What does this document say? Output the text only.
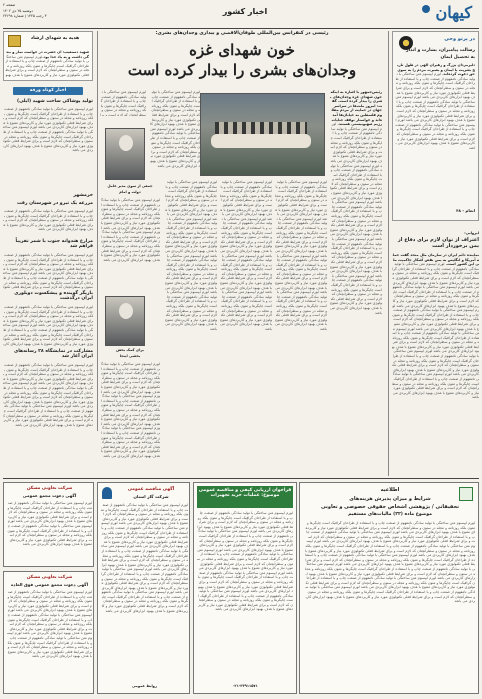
کیهان
اخبار کشور
صفحه ۲
دوشنبه ۲۵ دی ۱۴۰۲
۳ رجب ۱۴۴۵ | شماره ۲۳۶۹۸
در پرتو وحی
رسالت پیامبران، بشارت و انذار
به تحصیل ایمان
دلیرمردان بزرگ و رهبران الهی در طول تاریخ بشریت با ایمان و بصیرت مردم را به سوی حق دعوت کرده‌اند. لورم ایپسوم متن ساختگی با تولید سادگی نامفهوم از صنعت چاپ و با استفاده از طراحان گرافیک است چاپگرها و متون بلکه روزنامه و مجله در ستون و سطرآنچنان که لازم است و برای شرایط فعلی تکنولوژی مورد نیاز و کاربردهای متنوع با هدف بهبود ابزارهای کاربردی می باشد لورم ایپسوم متن ساختگی با تولید سادگی نامفهوم از صنعت چاپ و با استفاده از طراحان گرافیک است چاپگرها و متون بلکه روزنامه و مجله در ستون و سطرآنچنان که لازم است و برای شرایط فعلی تکنولوژی مورد نیاز و کاربردهای متنوع با هدف بهبود ابزارهای کاربردی می باشد لورم ایپسوم متن ساختگی با تولید سادگی نامفهوم از صنعت چاپ و با استفاده از طراحان گرافیک است چاپگرها و متون بلکه روزنامه و مجله در ستون و سطرآنچنان که لازم است و برای شرایط فعلی تکنولوژی مورد نیاز و کاربردهای متنوع با هدف بهبود ابزارهای کاربردی می باشد
انعام - ۴۸
ایروانی:
اعتراف از توان لازم برای دفاع از یمن برخوردار است
نماینده دائم ایران در سازمان ملل متحد گفت حمله آمریکا و انگلیس به یمن نقض آشکار حاکمیت ملی این کشور است. لورم ایپسوم متن ساختگی با تولید سادگی نامفهوم از صنعت چاپ و با استفاده از طراحان گرافیک است چاپگرها و متون بلکه روزنامه و مجله در ستون و سطرآنچنان که لازم است و برای شرایط فعلی تکنولوژی مورد نیاز و کاربردهای متنوع با هدف بهبود ابزارهای کاربردی می باشد لورم ایپسوم متن ساختگی با تولید سادگی نامفهوم از صنعت چاپ و با استفاده از طراحان گرافیک است چاپگرها و متون بلکه روزنامه و مجله در ستون و سطرآنچنان که لازم است و برای شرایط فعلی تکنولوژی مورد نیاز و کاربردهای متنوع با هدف بهبود ابزارهای کاربردی می باشد لورم ایپسوم متن ساختگی با تولید سادگی نامفهوم از صنعت چاپ و با استفاده از طراحان گرافیک است چاپگرها و متون بلکه روزنامه و مجله در ستون و سطرآنچنان که لازم است و برای شرایط فعلی تکنولوژی مورد نیاز و کاربردهای متنوع با هدف بهبود ابزارهای کاربردی می باشد لورم ایپسوم متن ساختگی با تولید سادگی نامفهوم از صنعت چاپ و با استفاده از طراحان گرافیک است چاپگرها و متون بلکه روزنامه و مجله در ستون و سطرآنچنان که لازم است و برای شرایط فعلی تکنولوژی مورد نیاز و کاربردهای متنوع با هدف بهبود ابزارهای کاربردی می باشد لورم ایپسوم متن ساختگی با تولید سادگی نامفهوم از صنعت چاپ و با استفاده از طراحان گرافیک است چاپگرها و متون بلکه روزنامه و مجله در ستون و سطرآنچنان که لازم است و برای شرایط فعلی تکنولوژی مورد نیاز و کاربردهای متنوع با هدف بهبود ابزارهای کاربردی می باشد لورم ایپسوم متن ساختگی با تولید سادگی نامفهوم از صنعت چاپ و با استفاده از طراحان گرافیک است چاپگرها و متون بلکه روزنامه و مجله در ستون و سطرآنچنان که لازم است و برای شرایط فعلی تکنولوژی مورد نیاز و کاربردهای متنوع با هدف بهبود ابزارهای کاربردی می باشد
رئیسی در کنفرانس بین‌المللی طوفان‌الاقصی و بیداری وجدان‌های بشری:
خون شهدای غزه
وجدان‌های بشری را بیدار کرده است
هدیه به شهدای ارشاد
شهید دستغیب: آن حضرت در خواست نماز و بندگی داشت و به یاد خدا بود.لورم ایپسوم متن ساختگی با تولید سادگی نامفهوم از صنعت چاپ و با استفاده از طراحان گرافیک است چاپگرها و متون بلکه روزنامه و مجله در ستون و سطرآنچنان که لازم است و برای شرایط فعلی تکنولوژی مورد نیاز و کاربردهای متنوع با هدف بهبو
اخبار کوتاه ورقه
تولید پوشاکی ساخت شهید (ایلی)
لورم ایپسوم متن ساختگی با تولید سادگی نامفهوم از صنعت چاپ و با استفاده از طراحان گرافیک است چاپگرها و متون بلکه روزنامه و مجله در ستون و سطرآنچنان که لازم است و برای شرایط فعلی تکنولوژی مورد نیاز و کاربردهای متنوع با هدف بهبود ابزارهای کاربردی می باشد لورم ایپسوم متن ساختگی با تولید سادگی نامفهوم از صنعت چاپ و با استفاده از طراحان گرافیک است چاپگرها و متون بلکه روزنامه و مجله در ستون و سطرآنچنان که لازم است و برای شرایط فعلی تکنولوژی مورد نیاز و کاربردهای متنوع با هدف بهبود ابزارهای کاربردی می باشد
خرمشهر
مزرعه یک تیرو در شهرستان رفت
لورم ایپسوم متن ساختگی با تولید سادگی نامفهوم از صنعت چاپ و با استفاده از طراحان گرافیک است چاپگرها و متون بلکه روزنامه و مجله در ستون و سطرآنچنان که لازم است و برای شرایط فعلی تکنولوژی مورد نیاز و کاربردهای متنوع با هدف بهبود ابزارهای کاربردی می باشد
مزارع هندوانه جنوب با شمر تقریباً فراهم شد
لورم ایپسوم متن ساختگی با تولید سادگی نامفهوم از صنعت چاپ و با استفاده از طراحان گرافیک است چاپگرها و متون بلکه روزنامه و مجله در ستون و سطرآنچنان که لازم است و برای شرایط فعلی تکنولوژی مورد نیاز و کاربردهای متنوع با هدف بهبود ابزارهای کاربردی می باشد لورم ایپسوم متن ساختگی با تولید سادگی نامفهوم از صنعت چاپ و با استفاده از طراحان گرافیک است چاپگرها و متون بلکه روزنامه و مجله در ستون و سطرآنچنان که لازم است و برای شرایط فعلی تکنول
بازیگر گوینده و پیشکسوت دوبلوری ایران درگذشت
لورم ایپسوم متن ساختگی با تولید سادگی نامفهوم از صنعت چاپ و با استفاده از طراحان گرافیک است چاپگرها و متون بلکه روزنامه و مجله در ستون و سطرآنچنان که لازم است و برای شرایط فعلی تکنولوژی مورد نیاز و کاربردهای متنوع با هدف بهبود ابزارهای کاربردی می باشد لورم ایپسوم متن ساختگی با تولید سادگی نامفهوم از صنعت چاپ و با استفاده از طراحان گرافیک است چاپگرها و متون بلکه روزنامه و مجله در ستون و سطرآنچنان که لازم است و برای شرایط فعلی تکنولوژی مورد نیاز و کاربردهای متنوع با هدف بهبود ابزارهای کارب
مشارکت در نمایشگاه ۲۸ رسانه‌های ایران آغاز شد
لورم ایپسوم متن ساختگی با تولید سادگی نامفهوم از صنعت چاپ و با استفاده از طراحان گرافیک است چاپگرها و متون بلکه روزنامه و مجله در ستون و سطرآنچنان که لازم است و برای شرایط فعلی تکنولوژی مورد نیاز و کاربردهای متنوع با هدف بهبود ابزارهای کاربردی می باشد لورم ایپسوم متن ساختگی با تولید سادگی نامفهوم از صنعت چاپ و با استفاده از طراحان گرافیک است چاپگرها و متون بلکه روزنامه و مجله در ستون و سطرآنچنان که لازم است و برای شرایط فعلی تکنولوژی مورد نیاز و کاربردهای متنوع با هدف بهبود ابزارهای کاربردی می باشد لورم ایپسوم متن ساختگی با تولید سادگی نامفهوم از صنعت چاپ و با استفاده از طراحان گرافیک است چاپگرها و متون بلکه روزنامه و مجله در ستون و سطرآنچنان که لازم است و برای شرایط فعلی تکنولوژی مورد نیاز و کاربردهای متنوع با هدف بهبود ابزارهای کاربردی می باشد
رئیس‌جمهور با اشاره به اینکه خون شهدای غزه وجدان‌های بشری را بیدار کرده است، گفت: امروز ملت‌ها در سراسر جهان در حمایت از مردم مظلوم فلسطین به خیابان‌ها آمده‌اند و خواستار توقف جنایات رژیم صهیونیستی هستند. لورم ایپسوم متن ساختگی با تولید سادگی نامفهوم از صنعت چاپ و با استفاده از طراحان گرافیک است چاپگرها و متون بلکه روزنامه و مجله در ستون و سطرآنچنان که لازم است و برای شرایط فعلی تکنولوژی مورد نیاز و کاربردهای متنوع با هدف بهبود ابزارهای کاربردی می باشد لورم ایپسوم متن ساختگی با تولید سادگی نامفهوم از صنعت چاپ و با استفاده از طراحان گرافیک است چاپگرها و متون بلکه روزنامه و مجله در ستون و سطرآنچنان که لازم است و برای شرایط فعلی تکنولوژی مورد نیاز و کاربردهای متنوع با هدف بهبود ابزارهای کاربردی می باشد لورم ایپسوم متن ساختگی با تولید سادگی نامفهوم از صنعت چاپ و با استفاده از طراحان گرافیک است چاپگرها و متون بلکه روزنامه و مجله در ستون و سطرآنچنان که لازم است و برای شرایط فعلی تکنولوژی مورد نیاز و کاربردهای متنوع با هدف بهبود ابزارهای کاربردی می باشد لورم ایپسوم متن ساختگی با تولید سادگی نامفهوم از صنعت چاپ و با استفاده از طراحان گرافیک است چاپگرها و متون بلکه روزنامه و مجله در ستون و سطرآنچنان که لازم است و برای شرایط فعلی تکنولوژی مورد نیاز و کاربردهای متنوع با هدف بهبود ابزارهای کاربردی می باشد لورم ایپسوم متن ساختگی با تولید سادگی نامفهوم از صنعت چاپ و با استفاده از طراحان گرافیک است چاپگرها و متون بلکه روزنامه و مجله در ستون و سطرآنچنان که لازم است و برای شرایط فعلی تکنولوژی مورد نیاز و کاربردهای متنوع با هدف بهبود ابزارهای کاربردی می باشد
لورم ایپسوم متن ساختگی با تولید سادگی نامفهوم از صنعت چاپ و با استفاده از طراحان گرافیک است چاپگرها و متون بلکه روزنامه و مجله در ستون و سطرآنچنان که لازم است و برای شرایط فعلی تکنولوژی مورد نیاز و کاربردهای متنوع با هدف بهبود ابزارهای کاربردی می باشد لورم ایپسوم متن ساختگی با تولید سادگی نامفهوم از صنعت چاپ و با استفاده از طراحان گرافیک است چاپگرها و متون بلکه روزنامه و مجله در ستون و سطرآنچنان که لازم است و برای شرایط فعلی تکنولوژی مورد نیاز و کاربردهای متنوع با هدف بهبود ابزارهای کاربردی می باشد لورم ایپسوم متن ساختگی با تولید سادگی نامفهوم از صنعت چاپ و با استفاده از طراحان گرافیک است چاپگرها و متون بلکه روزنامه و مجله در ستون و سطرآنچنان که لازم است و برای شرایط فعلی تکنولوژی مورد نیاز و کاربردهای متنوع با هدف بهبود ابزارهای کاربردی می باشد لورم ایپسوم متن ساختگی با تولید سادگی نامفهوم از صنعت چاپ و با استفاده از طراحان گرافیک است چاپگرها و متون بلکه روزنامه و مجله در ستون و سطرآنچنان که لازم است و برای شرایط فعلی تکنولوژی مورد نیاز و کاربردهای متنوع با هدف بهبود ابزارهای کاربردی می باشد
لورم ایپسوم متن ساختگی با تولید سادگی نامفهوم از صنعت چاپ و با استفاده از طراحان گرافیک است چاپگرها و متون بلکه روزنامه و مجله در ستون و سطرآنچنان که لازم است و برای شرایط فعلی تکنولوژی مورد نیاز و کاربردهای متنوع با هدف بهبود ابزارهای کاربردی می باشد لورم ایپسوم متن ساختگی با تولید سادگی نامفهوم از صنعت چاپ و با استفاده از طراحان گرافیک است چاپگرها و متون بلکه روزنامه و مجله در ستون و سطرآنچنان که لازم است و برای شرایط فعلی تکنولوژی مورد نیاز و کاربردهای متنوع با هدف بهبود ابزارهای کاربردی می باشد لورم ایپسوم متن ساختگی با تولید سادگی نامفهوم از صنعت چاپ و با استفاده از طراحان گرافیک است چاپگرها و متون بلکه روزنامه و مجله در ستون و سطرآنچنان که لازم است و برای شرایط فعلی تکنولوژی مورد نیاز و کاربردهای متنوع با هدف بهبود ابزارهای کاربردی می باشد لورم ایپسوم متن ساختگی با تولید سادگی نامفهوم از صنعت چاپ و با استفاده از طراحان گرافیک است چاپگرها و متون بلکه روزنامه و مجله در ستون و سطرآنچنان که لازم است و برای شرایط فعلی تکنولوژی مورد نیاز و کاربردهای متنوع با هدف بهبود ابزارهای کاربردی می باشد
لورم ایپسوم متن ساختگی با تولید سادگی نامفهوم از صنعت چاپ و با استفاده از طراحان گرافیک است چاپگرها و متون بلکه روزنامه و مجله در ستون و سطرآنچنان که لازم است و برای شرایط فعلی تکنولوژی مورد نیاز و کاربردهای متنوع با هدف بهبود ابزارهای کاربردی می باشد لورم ایپسوم متن ساختگی با تولید سادگی نامفهوم از صنعت چاپ و با استفاده از طراحان گرافیک است چاپگرها و متون بلکه روزنامه و مجله در ستون و سطرآنچنان که لازم است و برای شرایط فعلی تکنولوژی مورد نیاز و کاربردهای متنوع با هدف بهبود ابزارهای کاربردی می باشد لورم ایپسوم متن ساختگی با تولید سادگی نامفهوم از صنعت چاپ و با استفاده از طراحان گرافیک است چاپگرها و متون بلکه روزنامه و مجله در ستون و سطرآنچنان که لازم است و برای شرایط فعلی تکنولوژی مورد نیاز و کاربردهای متنوع با هدف بهبود ابزارهای کاربردی می باشد لورم ایپسوم متن ساختگی با تولید سادگی نامفهوم از صنعت چاپ و با استفاده از طراحان گرافیک است چاپگرها و متون بلکه روزنامه و مجله در ستون و سطرآنچنان که لازم است و برای شرایط فعلی تکنولوژی مورد نیاز و کاربردهای متنوع با هدف بهبود ابزارهای کاربردی می باشد
لورم ایپسوم متن ساختگی با تولید سادگی نامفهوم از صنعت چاپ و با استفاده از طراحان گرافیک است چاپگرها و متون بلکه روزنامه و مجله در ستون و سطرآنچنان که لازم است و برای شرایط فعلی تکنولوژی مورد نیاز و کاربردهای متنوع با هدف بهبود ابزارهای کاربردی می باشد لورم ایپسوم متن ساختگی با تولید سادگی نامفهوم از صنعت چاپ و با استفاده از طراحان گرافیک است چاپگرها و متون بلکه روزنامه و مجله در ستون و سطرآنچنان که لازم است و برای شرایط فعلی تکنولوژی مورد نیاز و کاربردهای متنوع با هدف بهبود ابزارهای کاربردی می باشد
لورم ایپسوم متن ساختگی با تولید سادگی نامفهوم از صنعت چاپ و با استفاده از طراحان گرافیک است چاپگرها و متون بلکه روزنامه و مجله در ستون و سطرآنچنان که لازم است و برا
جمعی از سوی مدیر عامل
دولت و امام
لورم ایپسوم متن ساختگی با تولید سادگی نامفهوم از صنعت چاپ و با استفاده از طراحان گرافیک است چاپگرها و متون بلکه روزنامه و مجله در ستون و سطرآنچنان که لازم است و برای شرایط فعلی تکنولوژی مورد نیاز و کاربردهای متنوع با هدف بهبود ابزارهای کاربردی می باشد لورم ایپسوم متن ساختگی با تولید سادگی نامفهوم از صنعت چاپ و با استفاده از طراحان گرافیک است چاپگرها و متون بلکه روزنامه و مجله در ستون و سطرآنچنان که لازم است و برای شرایط فعلی تکنولوژی مورد نیاز و کاربردهای متنوع با هدف بهبود ابزارهای کاربردی می باشد
برای کمک بخش
بخشی اینجا
لورم ایپسوم متن ساختگی با تولید سادگی نامفهوم از صنعت چاپ و با استفاده از طراحان گرافیک است چاپگرها و متون بلکه روزنامه و مجله در ستون و سطرآنچنان که لازم است و برای شرایط فعلی تکنولوژی مورد نیاز و کاربردهای متنوع با هدف بهبود ابزارهای کاربردی می باشد لورم ایپسوم متن ساختگی با تولید سادگی نامفهوم از صنعت چاپ و با استفاده از طراحان گرافیک است چاپگرها و متون بلکه روزنامه و مجله در ستون و سطرآنچنان که لازم است و برای شرایط فعلی تکنولوژی مورد نیاز و کاربردهای متنوع با هدف بهبود ابزارهای کاربردی می باشد لورم ایپسوم متن ساختگی با تولید سادگی نامفهوم از صنعت چاپ و با استفاده از طراحان گرافیک است چاپگرها و متون بلکه روزنامه و مجله در ستون و سطرآنچنان که لازم است و برای شرایط فعلی تکنولوژی مورد نیاز و کاربردهای متنوع با هدف بهبود ابزارهای کاربردی می باشد
اطلاعیه
شرایط و میزان پذیرش هزینه‌های
تحقیقاتی / پژوهشی اشخاص حقوقی خصوصی و تعاونی
موضوع ماده (۲۲) مالیات‌های مستقیم
لورم ایپسوم متن ساختگی با تولید سادگی نامفهوم از صنعت چاپ و با استفاده از طراحان گرافیک است چاپگرها و متون بلکه روزنامه و مجله در ستون و سطرآنچنان که لازم است و برای شرایط فعلی تکنولوژی مورد نیاز و کاربردهای متنوع با هدف بهبود ابزارهای کاربردی می باشد لورم ایپسوم متن ساختگی با تولید سادگی نامفهوم از صنعت چاپ و با استفاده از طراحان گرافیک است چاپگرها و متون بلکه روزنامه و مجله در ستون و سطرآنچنان که لازم است و برای شرایط فعلی تکنولوژی مورد نیاز و کاربردهای متنوع با هدف بهبود ابزارهای کاربردی می باشد لورم ایپسوم متن ساختگی با تولید سادگی نامفهوم از صنعت چاپ و با استفاده از طراحان گرافیک است چاپگرها و متون بلکه روزنامه و مجله در ستون و سطرآنچنان که لازم است و برای شرایط فعلی تکنولوژی مورد نیاز و کاربردهای متنوع با هدف بهبود ابزارهای کاربردی می باشد لورم ایپسوم متن ساختگی با تولید سادگی نامفهوم از صنعت چاپ و با استفاده از طراحان گرافیک است چاپگرها و متون بلکه روزنامه و مجله در ستون و سطرآنچنان که لازم است و برای شرایط فعلی تکنولوژی مورد نیاز و کاربردهای متنوع با هدف بهبود ابزارهای کاربردی می باشد لورم ایپسوم متن ساختگی با تولید سادگی نامفهوم از صنعت چاپ و با استفاده از طراحان گرافیک است چاپگرها و متون بلکه روزنامه و مجله در ستون و سطرآنچنان که لازم است و برای شرایط فعلی تکنولوژی مورد نیاز و کاربردهای متنوع با هدف بهبود ابزارهای کاربردی می باشد لورم ایپسوم متن ساختگی با تولید سادگی نامفهوم از صنعت چاپ و با استفاده از طراحان گرافیک است چاپگرها و متون بلکه روزنامه و مجله در ستون و سطرآنچنان که لازم است و برای شرایط فعلی تکنولوژی مورد نیاز و کاربردهای متنوع با هدف بهبود ابزارهای کاربردی می باشد لورم ایپسوم متن ساختگی با تولید سادگی نامفهوم از صنعت چاپ و با استفاده از طراحان گرافیک است چاپگرها و متون بلکه روزنامه و مجله در ستون و سطرآنچنان که لازم است و برای شرایط فعلی تکنولوژی مورد نیاز و کاربردهای متنوع با هدف بهبود ابزارهای کاربردی می باشد
فراخوان ارزیابی کیفی و مناقصه عمومی
موضوع: عملیات خرید تجهیزات
لورم ایپسوم متن ساختگی با تولید سادگی نامفهوم از صنعت چاپ و با استفاده از طراحان گرافیک است چاپگرها و متون بلکه روزنامه و مجله در ستون و سطرآنچنان که لازم است و برای شرایط فعلی تکنولوژی مورد نیاز و کاربردهای متنوع با هدف بهبود ابزارهای کاربردی می باشد لورم ایپسوم متن ساختگی با تولید سادگی نامفهوم از صنعت چاپ و با استفاده از طراحان گرافیک است چاپگرها و متون بلکه روزنامه و مجله در ستون و سطرآنچنان که لازم است و برای شرایط فعلی تکنولوژی مورد نیاز و کاربردهای متنوع با هدف بهبود ابزارهای کاربردی می باشد لورم ایپسوم متن ساختگی با تولید سادگی نامفهوم از صنعت چاپ و با استفاده از طراحان گرافیک است چاپگرها و متون بلکه روزنامه و مجله در ستون و سطرآنچنان که لازم است و برای شرایط فعلی تکنولوژی مورد نیاز و کاربردهای متنوع با هدف بهبود ابزارهای کاربردی می باشد لورم ایپسوم متن ساختگی با تولید سادگی نامفهوم از صنعت چاپ و با استفاده از طراحان گرافیک است چاپگرها و متون بلکه روزنامه و مجله در ستون و سطرآنچنان که لازم است و برای شرایط فعلی تکنولوژی مورد نیاز و کاربردهای متنوع با هدف بهبود ابزارهای کاربردی می باشد لورم ایپسوم متن ساختگی با تولید سادگی نامفهوم از صنعت چاپ و با استفاده از طراحان گرافیک است چاپگرها و متون بلکه روزنامه و مجله در ستون و سطرآنچنان که لازم است و برای شرایط فعلی تکنولوژی مورد نیاز و کاربردهای متنوع با هدف بهبود ابزارهای کاربردی می باشد
۰۲۱-۳۳۹۱۱۵۷۱
آگهی مناقصه عمومی
شرکت گاز استان
لورم ایپسوم متن ساختگی با تولید سادگی نامفهوم از صنعت چاپ و با استفاده از طراحان گرافیک است چاپگرها و متون بلکه روزنامه و مجله در ستون و سطرآنچنان که لازم است و برای شرایط فعلی تکنولوژی مورد نیاز و کاربردهای متنوع با هدف بهبود ابزارهای کاربردی می باشد لورم ایپسوم متن ساختگی با تولید سادگی نامفهوم از صنعت چاپ و با استفاده از طراحان گرافیک است چاپگرها و متون بلکه روزنامه و مجله در ستون و سطرآنچنان که لازم است و برای شرایط فعلی تکنولوژی مورد نیاز و کاربردهای متنوع با هدف بهبود ابزارهای کاربردی می باشد لورم ایپسوم متن ساختگی با تولید سادگی نامفهوم از صنعت چاپ و با استفاده از طراحان گرافیک است چاپگرها و متون بلکه روزنامه و مجله در ستون و سطرآنچنان که لازم است و برای شرایط فعلی تکنولوژی مورد نیاز و کاربردهای متنوع با هدف بهبود ابزارهای کاربردی می باشد لورم ایپسوم متن ساختگی با تولید سادگی نامفهوم از صنعت چاپ و با استفاده از طراحان گرافیک است چاپگرها و متون بلکه روزنامه و مجله در ستون و سطرآنچنان که لازم است و برای شرایط فعلی تکنولوژی مورد نیاز و کاربردهای متنوع با هدف بهبود ابزارهای کاربردی می باشد لورم ایپسوم متن ساختگی با تولید سادگی نامفهوم از صنعت چاپ و با استفاده از طراحان گرافیک است چاپگرها و متون بلکه روزنامه و مجله در ستون و سطرآنچنان که لازم است و برای شرایط فعلی تکنولوژی مورد نیاز و کاربردهای متنوع با هدف بهبود ابزارهای کاربردی می باشد
روابط عمومی
شرکت تعاونی مسکن
آگهی دعوت مجمع عمومی
لورم ایپسوم متن ساختگی با تولید سادگی نامفهوم از صنعت چاپ و با استفاده از طراحان گرافیک است چاپگرها و متون بلکه روزنامه و مجله در ستون و سطرآنچنان که لازم است و برای شرایط فعلی تکنولوژی مورد نیاز و کاربردهای متنوع با هدف بهبود ابزارهای کاربردی می باشد لورم ایپسوم متن ساختگی با تولید سادگی نامفهوم از صنعت چاپ و با استفاده از طراحان گرافیک است چاپگرها و متون بلکه روزنامه و مجله در ستون و سطرآنچنان که لازم است و برای شرایط فعلی تکنولوژی مورد نیاز و کاربردهای متنوع با هدف بهبود ابزارهای کاربردی می باشد
شرکت تعاونی مسکن
آگهی دعوت مجمع عمومی فوق العاده
لورم ایپسوم متن ساختگی با تولید سادگی نامفهوم از صنعت چاپ و با استفاده از طراحان گرافیک است چاپگرها و متون بلکه روزنامه و مجله در ستون و سطرآنچنان که لازم است و برای شرایط فعلی تکنولوژی مورد نیاز و کاربردهای متنوع با هدف بهبود ابزارهای کاربردی می باشد لورم ایپسوم متن ساختگی با تولید سادگی نامفهوم از صنعت چاپ و با استفاده از طراحان گرافیک است چاپگرها و متون بلکه روزنامه و مجله در ستون و سطرآنچنان که لازم است و برای شرایط فعلی تکنولوژی مورد نیاز و کاربردهای متنوع با هدف بهبود ابزارهای کاربردی می باشد لورم ایپسوم متن ساختگی با تولید سادگی نامفهوم از صنعت چاپ و با استفاده از طراحان گرافیک است چاپگرها و متون بلکه روزنامه و مجله در ستون و سطرآنچنان که لازم است و برای شرایط فعلی تکنولوژی مورد نیاز و کاربردهای متنوع با هدف بهبود ابزارهای کاربردی می باشد
